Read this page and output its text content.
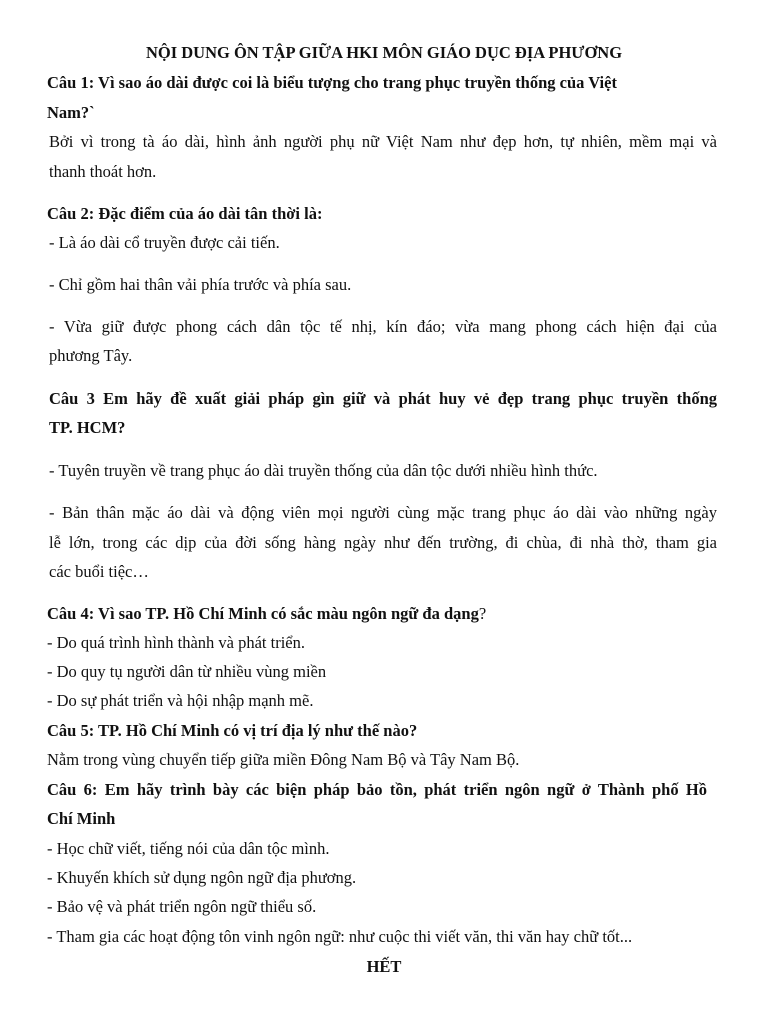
NỘI DUNG ÔN TẬP GIỮA HKI MÔN GIÁO DỤC ĐỊA PHƯƠNG
Câu 1: Vì sao áo dài được coi là biểu tượng cho trang phục truyền thống của Việt
Nam?`
Bởi vì trong tà áo dài, hình ảnh người phụ nữ Việt Nam như đẹp hơn, tự nhiên, mềm mại và
thanh thoát hơn.
Câu 2: Đặc điểm của áo dài tân thời là:
- Là áo dài cổ truyền được cải tiến.
- Chỉ gồm hai thân vải phía trước và phía sau.
- Vừa giữ được phong cách dân tộc tế nhị, kín đáo; vừa mang phong cách hiện đại của
phương Tây.
Câu 3 Em hãy đề xuất giải pháp gìn giữ và phát huy vẻ đẹp trang phục truyền thống
TP. HCM?
- Tuyên truyền về trang phục áo dài truyền thống của dân tộc dưới nhiều hình thức.
- Bản thân mặc áo dài và động viên mọi người cùng mặc trang phục áo dài vào những ngày
lễ lớn, trong các dịp của đời sống hàng ngày như đến trường, đi chùa, đi nhà thờ, tham gia
các buổi tiệc…
Câu 4: Vì sao TP. Hồ Chí Minh có sắc màu ngôn ngữ đa dạng?
- Do quá trình hình thành và phát triển.
- Do quy tụ người dân từ nhiều vùng miền
- Do sự phát triển và hội nhập mạnh mẽ.
Câu 5: TP. Hồ Chí Minh có vị trí địa lý như thế nào?
Nằm trong vùng chuyển tiếp giữa miền Đông Nam Bộ và Tây Nam Bộ.
Câu 6: Em hãy trình bày các biện pháp bảo tồn, phát triển ngôn ngữ ở Thành phố Hồ
Chí Minh
- Học chữ viết, tiếng nói của dân tộc mình.
- Khuyến khích sử dụng ngôn ngữ địa phương.
- Bảo vệ và phát triển ngôn ngữ thiểu số.
- Tham gia các hoạt động tôn vinh ngôn ngữ: như cuộc thi viết văn, thi văn hay chữ tốt...
HẾT
